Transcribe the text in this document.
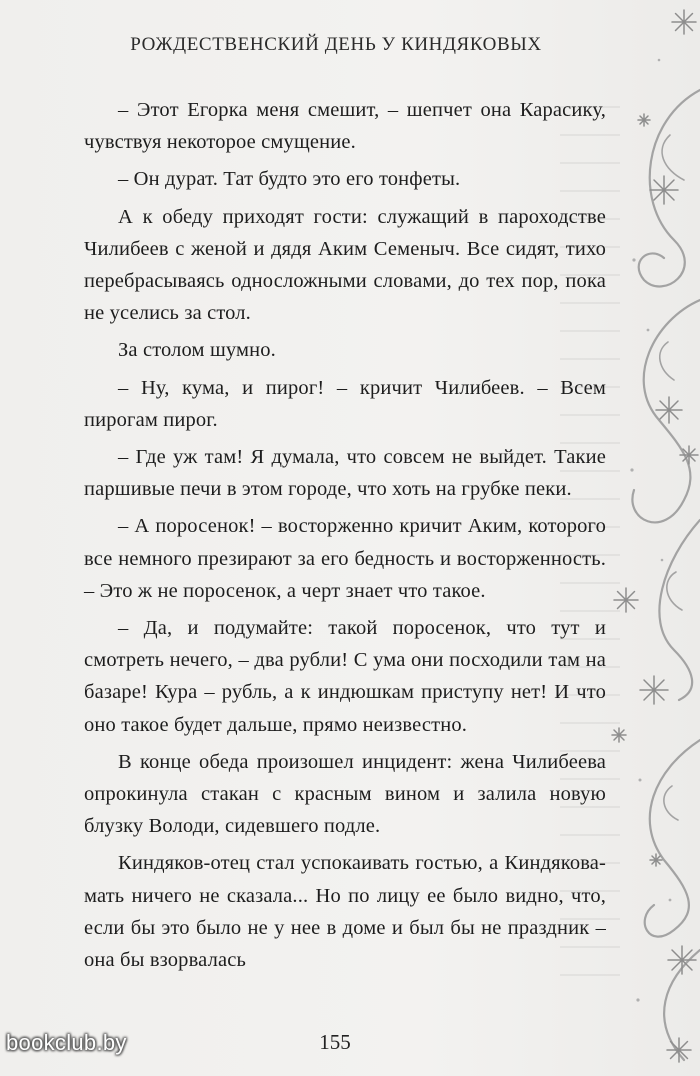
РОЖДЕСТВЕНСКИЙ ДЕНЬ У КИНДЯКОВЫХ

– Этот Егорка меня смешит, – шепчет она Карасику, чувствуя некоторое смущение.

– Он дурат. Тат будто это его тонфеты.

А к обеду приходят гости: служащий в пароходстве Чилибеев с женой и дядя Аким Семеныч. Все сидят, тихо перебрасываясь односложными словами, до тех пор, пока не уселись за стол.

За столом шумно.

– Ну, кума, и пирог! – кричит Чилибеев. – Всем пирогам пирог.

– Где уж там! Я думала, что совсем не выйдет. Такие паршивые печи в этом городе, что хоть на грубке пеки.

– А поросенок! – восторженно кричит Аким, которого все немного презирают за его бедность и восторженность. – Это ж не поросенок, а черт знает что такое.

– Да, и подумайте: такой поросенок, что тут и смотреть нечего, – два рубли! С ума они посходили там на базаре! Кура – рубль, а к индюшкам приступу нет! И что оно такое будет дальше, прямо неизвестно.

В конце обеда произошел инцидент: жена Чилибеева опрокинула стакан с красным вином и залила новую блузку Володи, сидевшего подле.

Киндяков-отец стал успокаивать гостью, а Киндякова-мать ничего не сказала... Но по лицу ее было видно, что, если бы это было не у нее в доме и был бы не праздник – она бы взорвалась

155
bookclub.by
